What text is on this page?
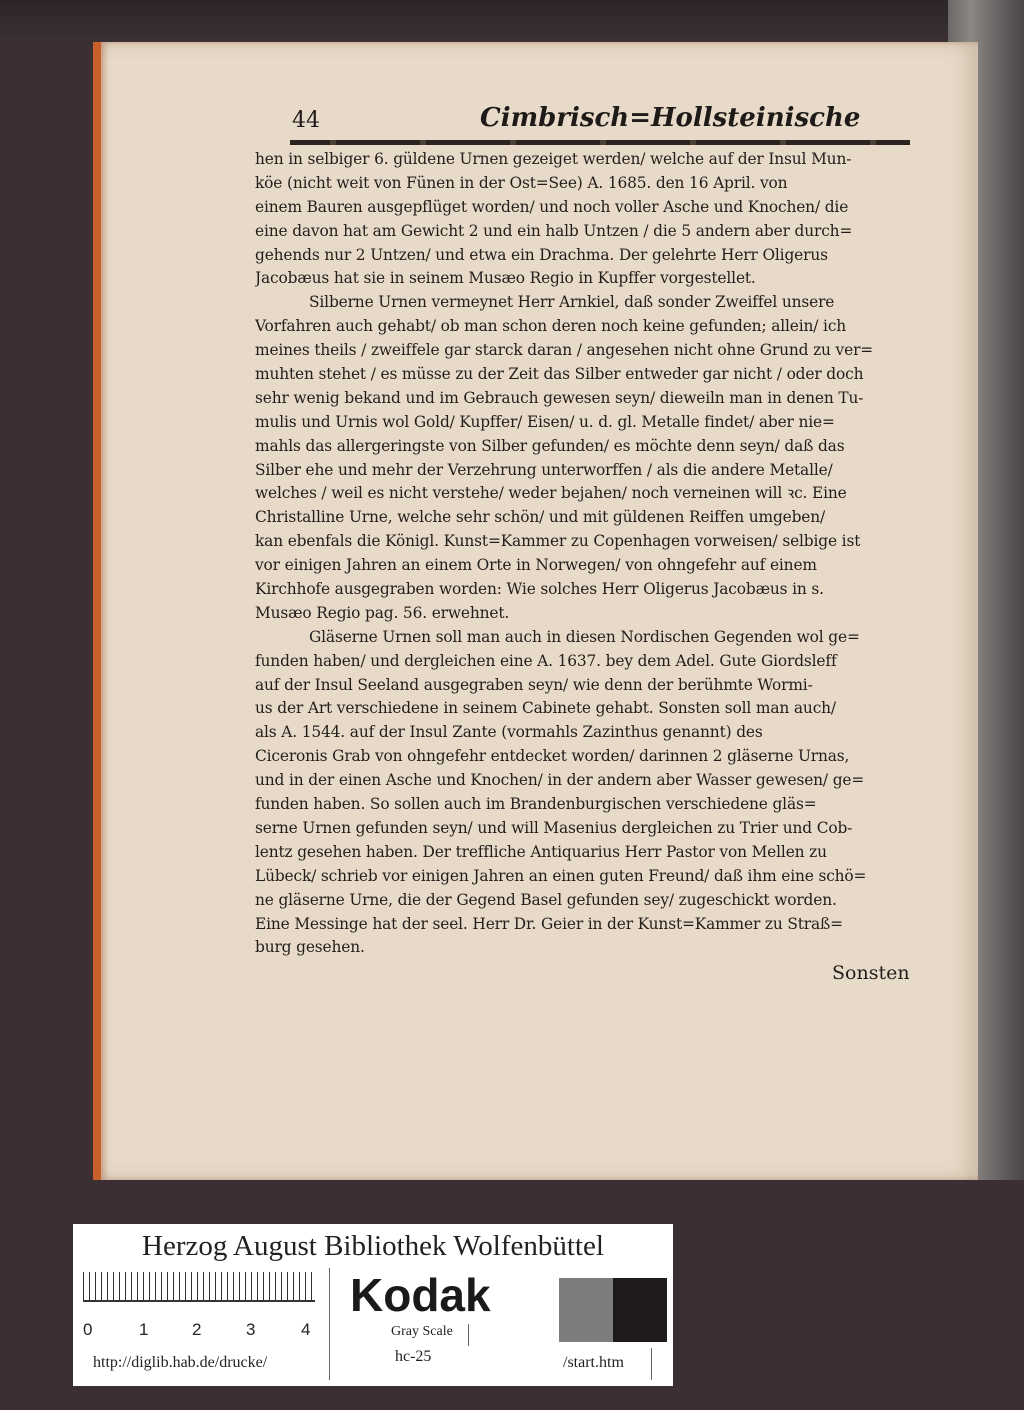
44	Cimbrisch=Hollsteinische
hen in selbiger 6. güldene Urnen gezeiget werden/ welche auf der Insul Mun-
köe (nicht weit von Fünen in der Ost=See) A. 1685. den 16 April. von
einem Bauren ausgepflüget worden/ und noch voller Asche und Knochen/ die
eine davon hat am Gewicht 2 und ein halb Untzen / die 5 andern aber durch=
gehends nur 2 Untzen/ und etwa ein Drachma. Der gelehrte Herr Oligerus
Jacobæus hat sie in seinem Musæo Regio in Kupffer vorgestellet.
Silberne Urnen vermeynet Herr Arnkiel, daß sonder Zweiffel unsere
Vorfahren auch gehabt/ ob man schon deren noch keine gefunden; allein/ ich
meines theils / zweiffele gar starck daran / angesehen nicht ohne Grund zu ver=
muhten stehet / es müsse zu der Zeit das Silber entweder gar nicht / oder doch
sehr wenig bekand und im Gebrauch gewesen seyn/ dieweiln man in denen Tu-
mulis und Urnis wol Gold/ Kupffer/ Eisen/ u. d. gl. Metalle findet/ aber nie=
mahls das allergeringste von Silber gefunden/ es möchte denn seyn/ daß das
Silber ehe und mehr der Verzehrung unterworffen / als die andere Metalle/
welches / weil es nicht verstehe/ weder bejahen/ noch verneinen will ꝛc. Eine
Christalline Urne, welche sehr schön/ und mit güldenen Reiffen umgeben/
kan ebenfals die Königl. Kunst=Kammer zu Copenhagen vorweisen/ selbige ist
vor einigen Jahren an einem Orte in Norwegen/ von ohngefehr auf einem
Kirchhofe ausgegraben worden: Wie solches Herr Oligerus Jacobæus in s.
Musæo Regio pag. 56. erwehnet.
Gläserne Urnen soll man auch in diesen Nordischen Gegenden wol ge=
funden haben/ und dergleichen eine A. 1637. bey dem Adel. Gute Giordsleff
auf der Insul Seeland ausgegraben seyn/ wie denn der berühmte Wormi-
us der Art verschiedene in seinem Cabinete gehabt. Sonsten soll man auch/
als A. 1544. auf der Insul Zante (vormahls Zazinthus genannt) des
Ciceronis Grab von ohngefehr entdecket worden/ darinnen 2 gläserne Urnas,
und in der einen Asche und Knochen/ in der andern aber Wasser gewesen/ ge=
funden haben. So sollen auch im Brandenburgischen verschiedene gläs=
serne Urnen gefunden seyn/ und will Masenius dergleichen zu Trier und Cob-
lentz gesehen haben. Der treffliche Antiquarius Herr Pastor von Mellen zu
Lübeck/ schrieb vor einigen Jahren an einen guten Freund/ daß ihm eine schö=
ne gläserne Urne, die der Gegend Basel gefunden sey/ zugeschickt worden.
Eine Messinge hat der seel. Herr Dr. Geier in der Kunst=Kammer zu Straß=
burg gesehen.
Sonsten
Herzog August Bibliothek Wolfenbüttel
0	1	2	3	4
Kodak
Gray Scale
http://diglib.hab.de/drucke/	hc-25	/start.htm
